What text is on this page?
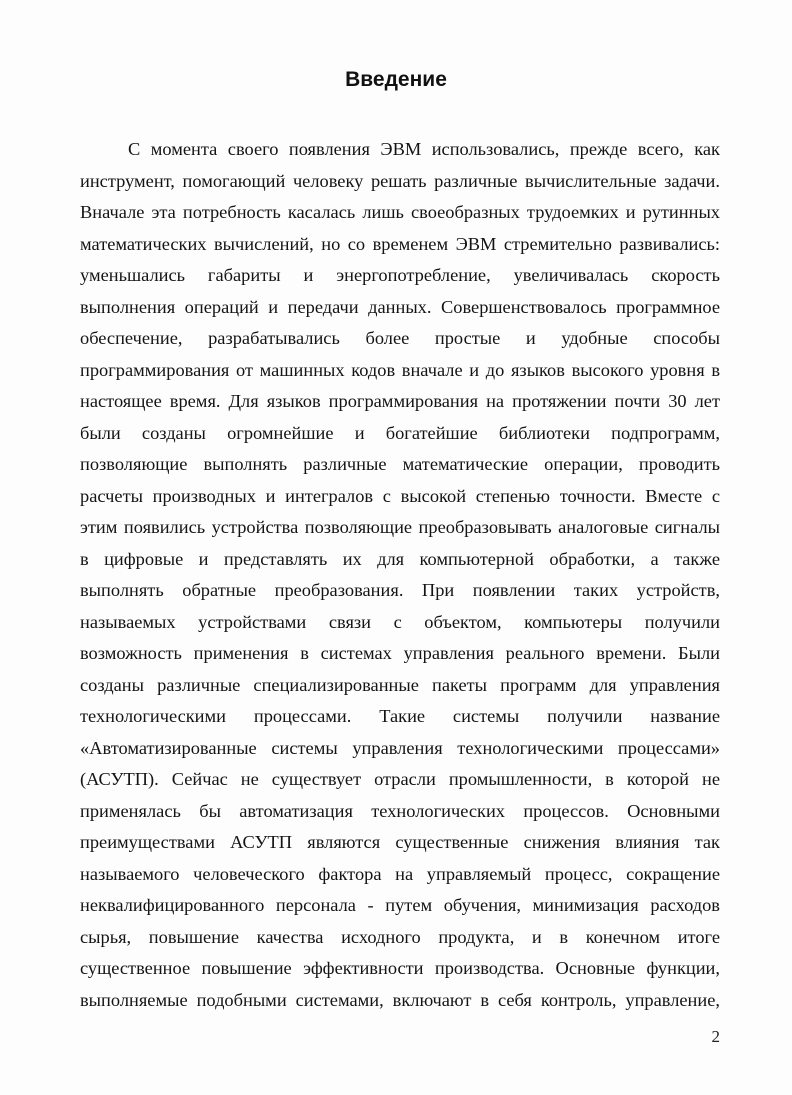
Введение
С момента своего появления ЭВМ использовались, прежде всего, как
инструмент, помогающий человеку решать различные вычислительные задачи.
Вначале эта потребность касалась лишь своеобразных трудоемких и рутинных
математических вычислений, но со временем ЭВМ стремительно развивались:
уменьшались габариты и энергопотребление, увеличивалась скорость
выполнения операций и передачи данных. Совершенствовалось программное
обеспечение, разрабатывались более простые и удобные способы
программирования от машинных кодов вначале и до языков высокого уровня в
настоящее время. Для языков программирования на протяжении почти 30 лет
были созданы огромнейшие и богатейшие библиотеки подпрограмм,
позволяющие выполнять различные математические операции, проводить
расчеты производных и интегралов с высокой степенью точности. Вместе с
этим появились устройства позволяющие преобразовывать аналоговые сигналы
в цифровые и представлять их для компьютерной обработки, а также
выполнять обратные преобразования. При появлении таких устройств,
называемых устройствами связи с объектом, компьютеры получили
возможность применения в системах управления реального времени. Были
созданы различные специализированные пакеты программ для управления
технологическими процессами. Такие системы получили название
«Автоматизированные системы управления технологическими процессами»
(АСУТП). Сейчас не существует отрасли промышленности, в которой не
применялась бы автоматизация технологических процессов. Основными
преимуществами АСУТП являются существенные снижения влияния так
называемого человеческого фактора на управляемый процесс, сокращение
неквалифицированного персонала - путем обучения, минимизация расходов
сырья, повышение качества исходного продукта, и в конечном итоге
существенное повышение эффективности производства. Основные функции,
выполняемые подобными системами, включают в себя контроль, управление,
2
